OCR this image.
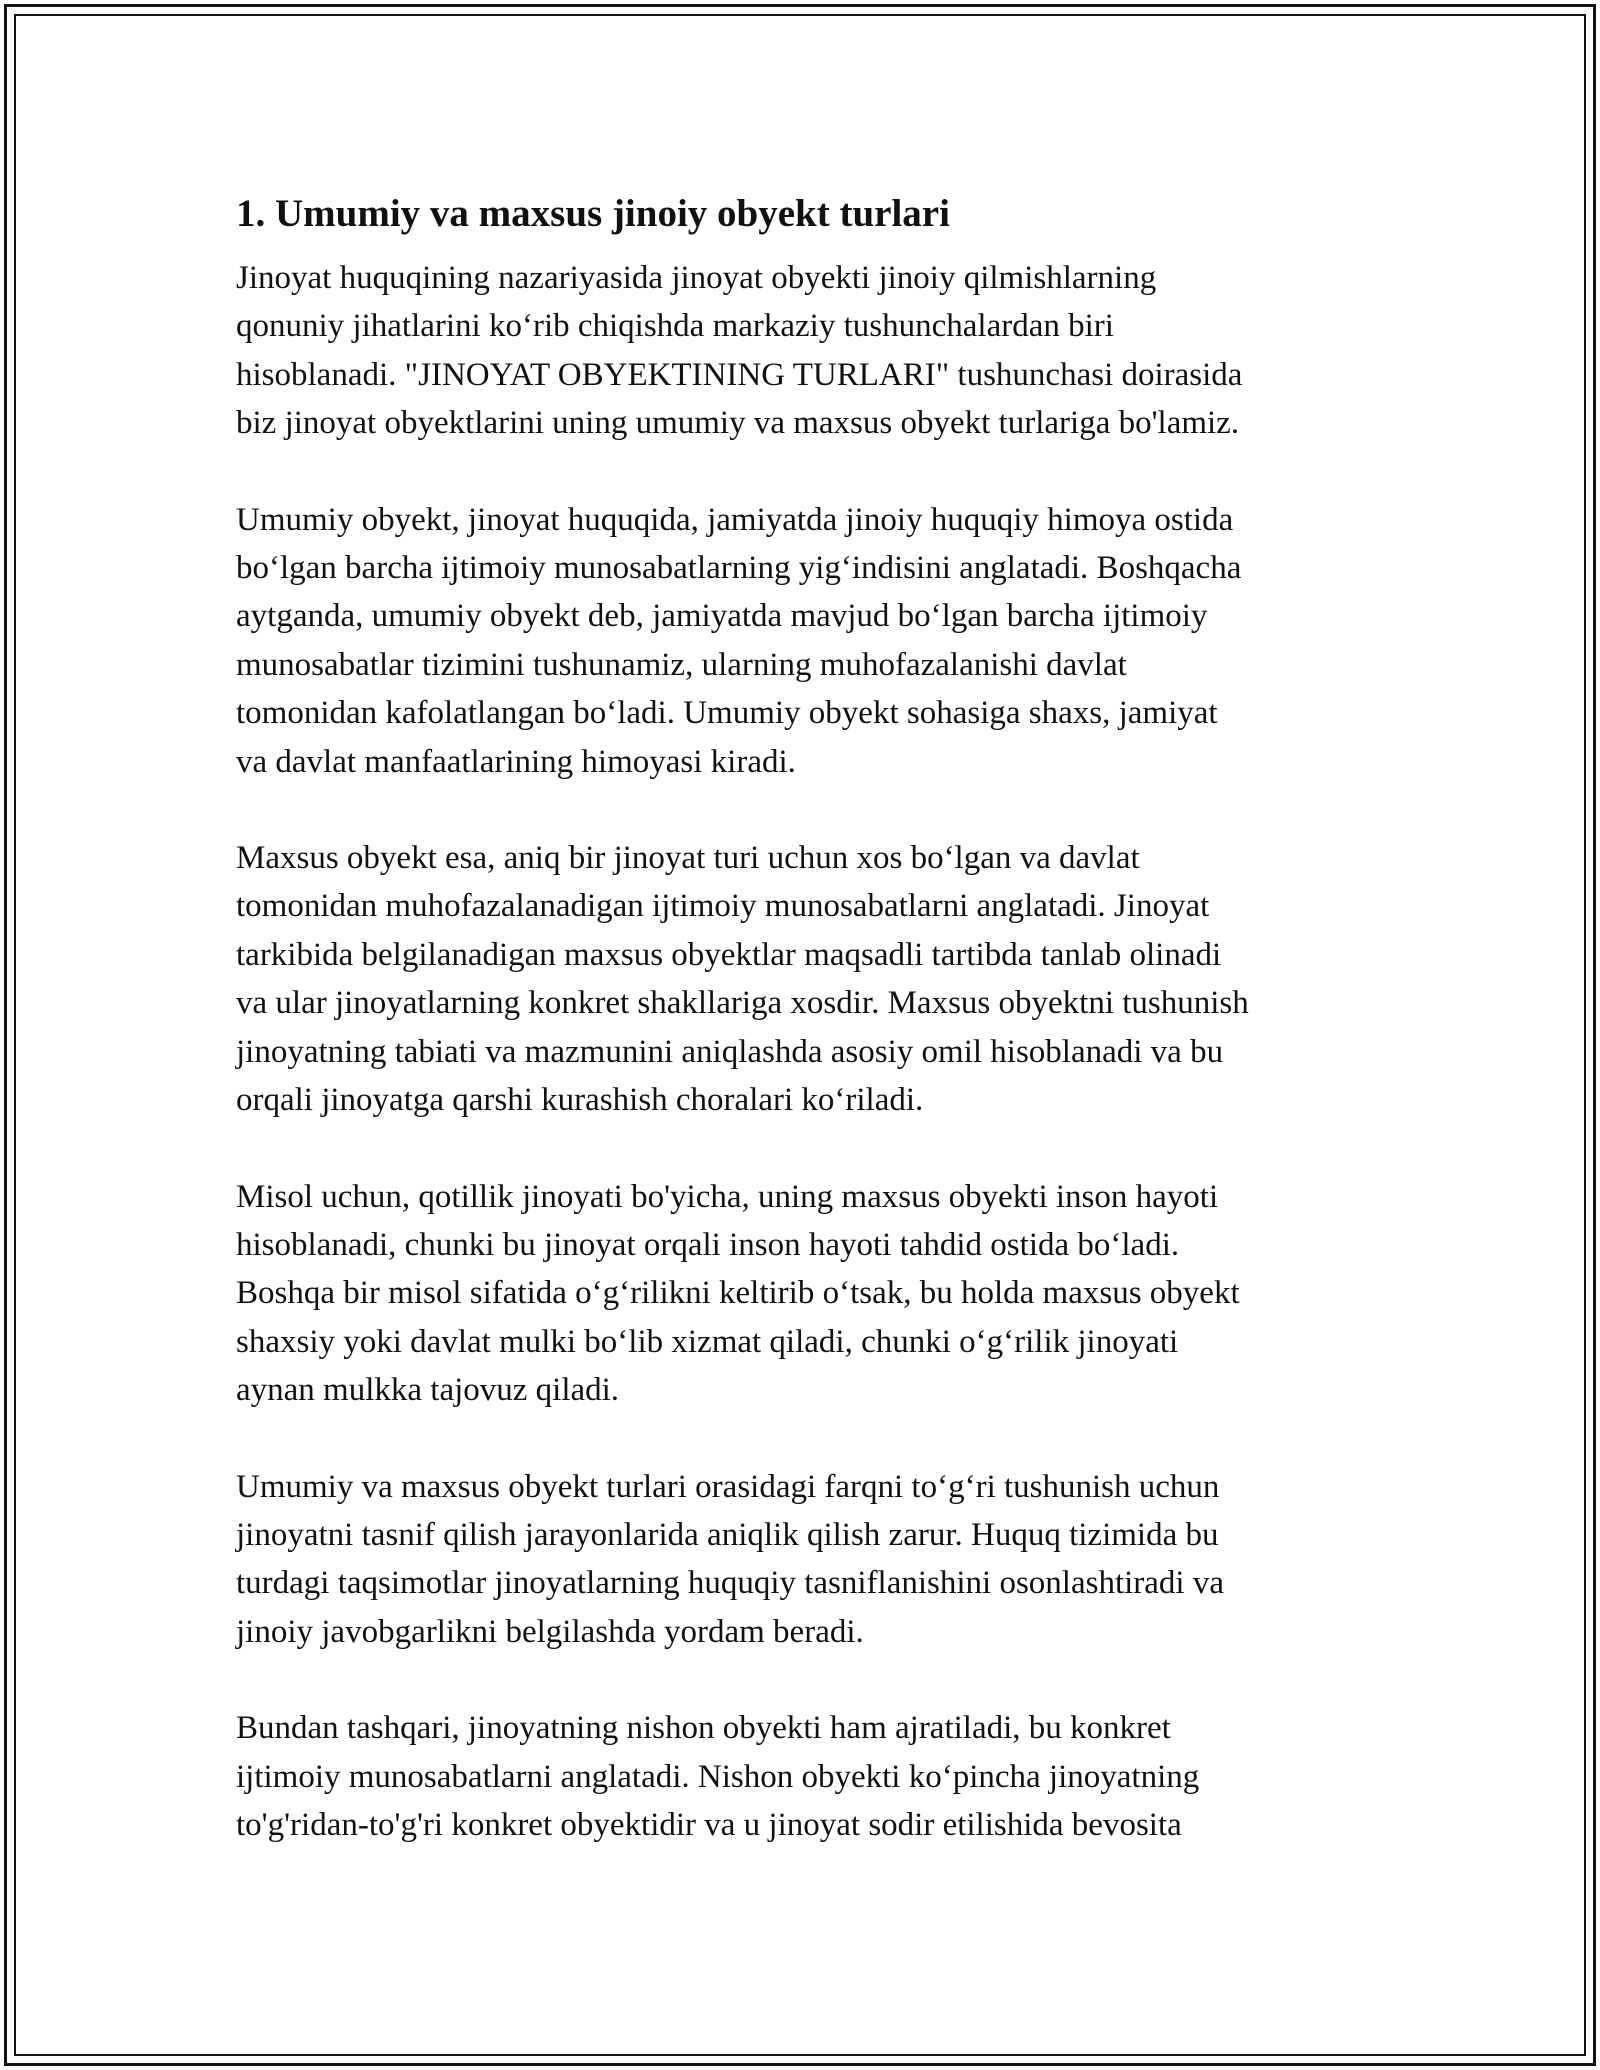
1. Umumiy va maxsus jinoiy obyekt turlari

Jinoyat huquqining nazariyasida jinoyat obyekti jinoiy qilmishlarning
qonuniy jihatlarini ko‘rib chiqishda markaziy tushunchalardan biri
hisoblanadi. "JINOYAT OBYEKTINING TURLARI" tushunchasi doirasida
biz jinoyat obyektlarini uning umumiy va maxsus obyekt turlariga bo'lamiz.

Umumiy obyekt, jinoyat huquqida, jamiyatda jinoiy huquqiy himoya ostida
bo‘lgan barcha ijtimoiy munosabatlarning yig‘indisini anglatadi. Boshqacha
aytganda, umumiy obyekt deb, jamiyatda mavjud bo‘lgan barcha ijtimoiy
munosabatlar tizimini tushunamiz, ularning muhofazalanishi davlat
tomonidan kafolatlangan bo‘ladi. Umumiy obyekt sohasiga shaxs, jamiyat
va davlat manfaatlarining himoyasi kiradi.

Maxsus obyekt esa, aniq bir jinoyat turi uchun xos bo‘lgan va davlat
tomonidan muhofazalanadigan ijtimoiy munosabatlarni anglatadi. Jinoyat
tarkibida belgilanadigan maxsus obyektlar maqsadli tartibda tanlab olinadi
va ular jinoyatlarning konkret shakllariga xosdir. Maxsus obyektni tushunish
jinoyatning tabiati va mazmunini aniqlashda asosiy omil hisoblanadi va bu
orqali jinoyatga qarshi kurashish choralari ko‘riladi.

Misol uchun, qotillik jinoyati bo'yicha, uning maxsus obyekti inson hayoti
hisoblanadi, chunki bu jinoyat orqali inson hayoti tahdid ostida bo‘ladi.
Boshqa bir misol sifatida o‘g‘rilikni keltirib o‘tsak, bu holda maxsus obyekt
shaxsiy yoki davlat mulki bo‘lib xizmat qiladi, chunki o‘g‘rilik jinoyati
aynan mulkka tajovuz qiladi.

Umumiy va maxsus obyekt turlari orasidagi farqni to‘g‘ri tushunish uchun
jinoyatni tasnif qilish jarayonlarida aniqlik qilish zarur. Huquq tizimida bu
turdagi taqsimotlar jinoyatlarning huquqiy tasniflanishini osonlashtiradi va
jinoiy javobgarlikni belgilashda yordam beradi.

Bundan tashqari, jinoyatning nishon obyekti ham ajratiladi, bu konkret
ijtimoiy munosabatlarni anglatadi. Nishon obyekti ko‘pincha jinoyatning
to'g'ridan-to'g'ri konkret obyektidir va u jinoyat sodir etilishida bevosita
